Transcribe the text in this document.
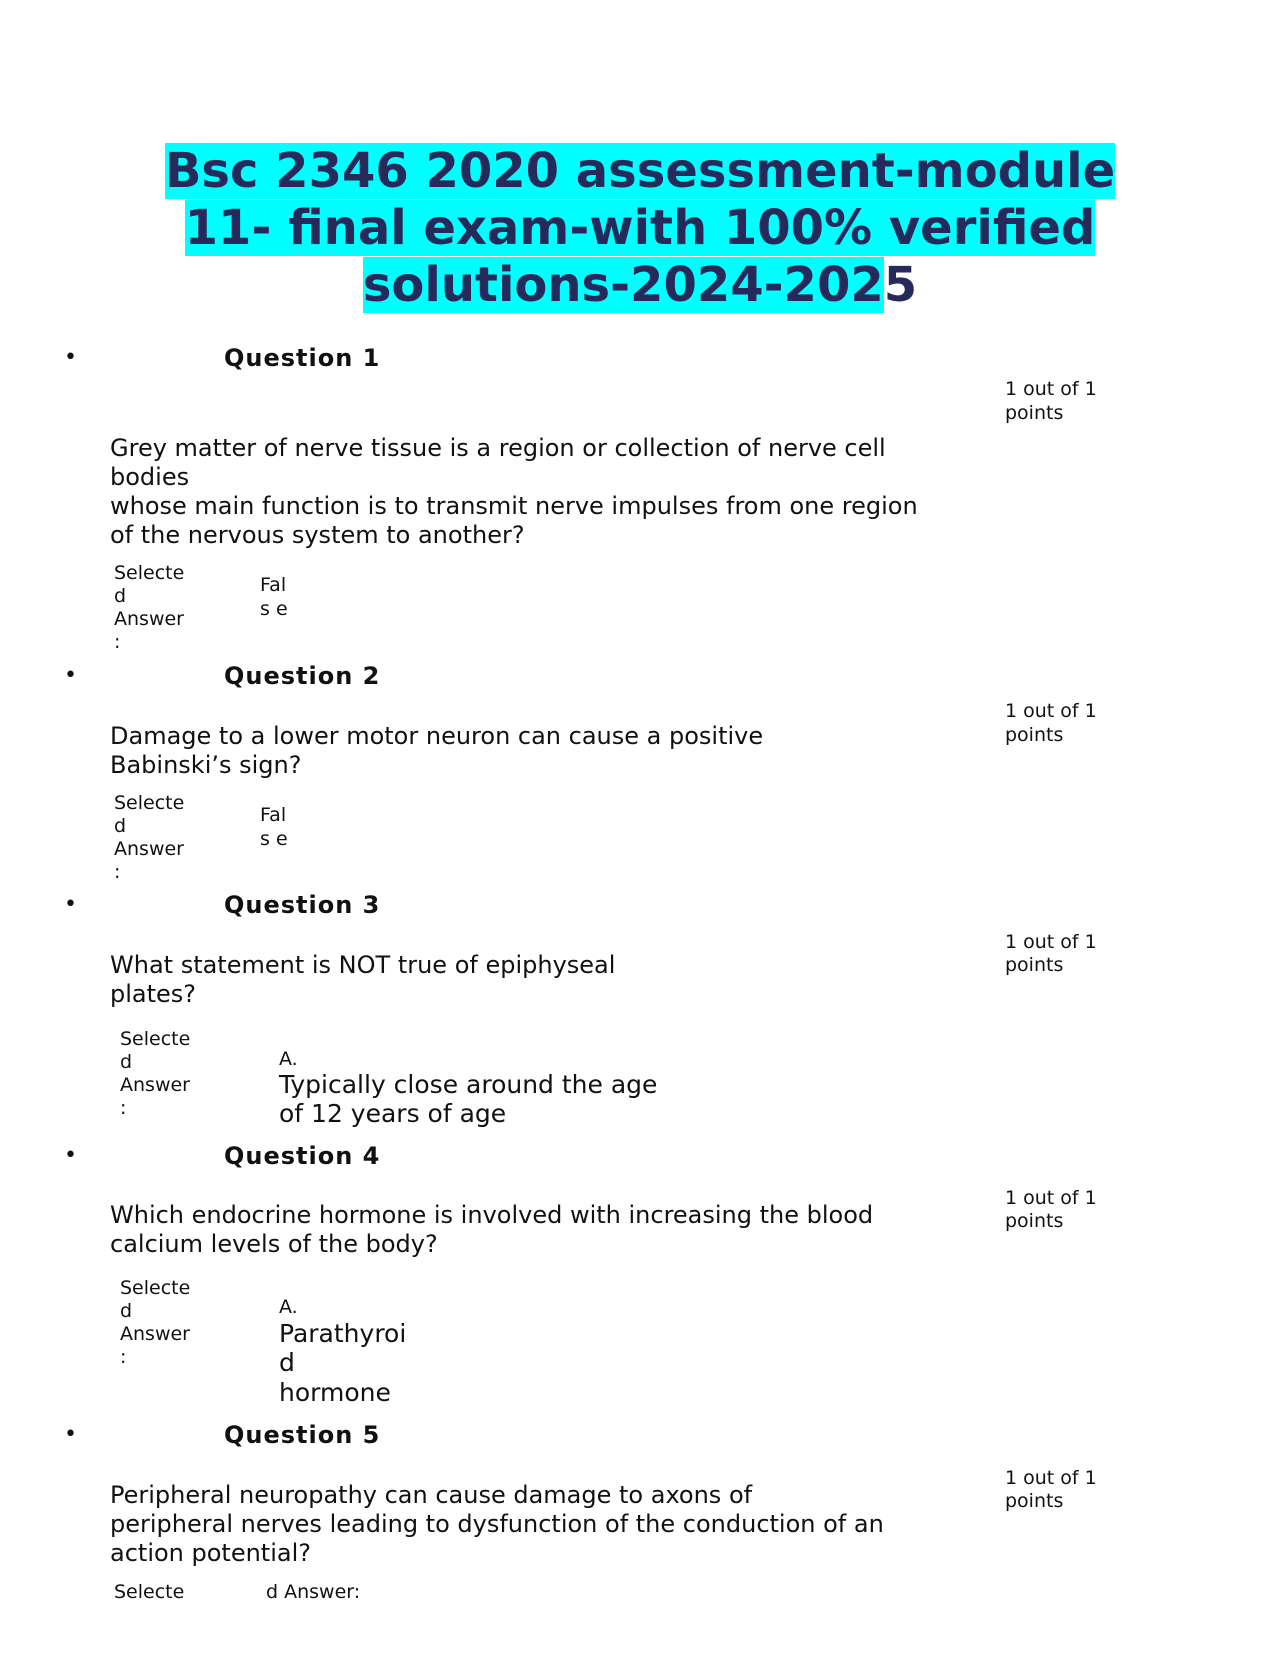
Bsc 2346 2020 assessment-module
11- final exam-with 100% verified
solutions-2024-2025
•	Question 1
1 out of 1
points
Grey matter of nerve tissue is a region or collection of nerve cell
bodies
whose main function is to transmit nerve impulses from one region
of the nervous system to another?
Selecte
d
Answer
:
Fal
s e
•	Question 2
1 out of 1
points
Damage to a lower motor neuron can cause a positive
Babinski’s sign?
Selecte
d
Answer
:
Fal
s e
•	Question 3
1 out of 1
points
What statement is NOT true of epiphyseal
plates?
Selecte
d
Answer
:
A.
Typically close around the age
of 12 years of age
•	Question 4
1 out of 1
points
Which endocrine hormone is involved with increasing the blood
calcium levels of the body?
Selecte
d
Answer
:
A.
Parathyroi
d
hormone
•	Question 5
1 out of 1
points
Peripheral neuropathy can cause damage to axons of
peripheral nerves leading to dysfunction of the conduction of an
action potential?
Selecte	d Answer:
